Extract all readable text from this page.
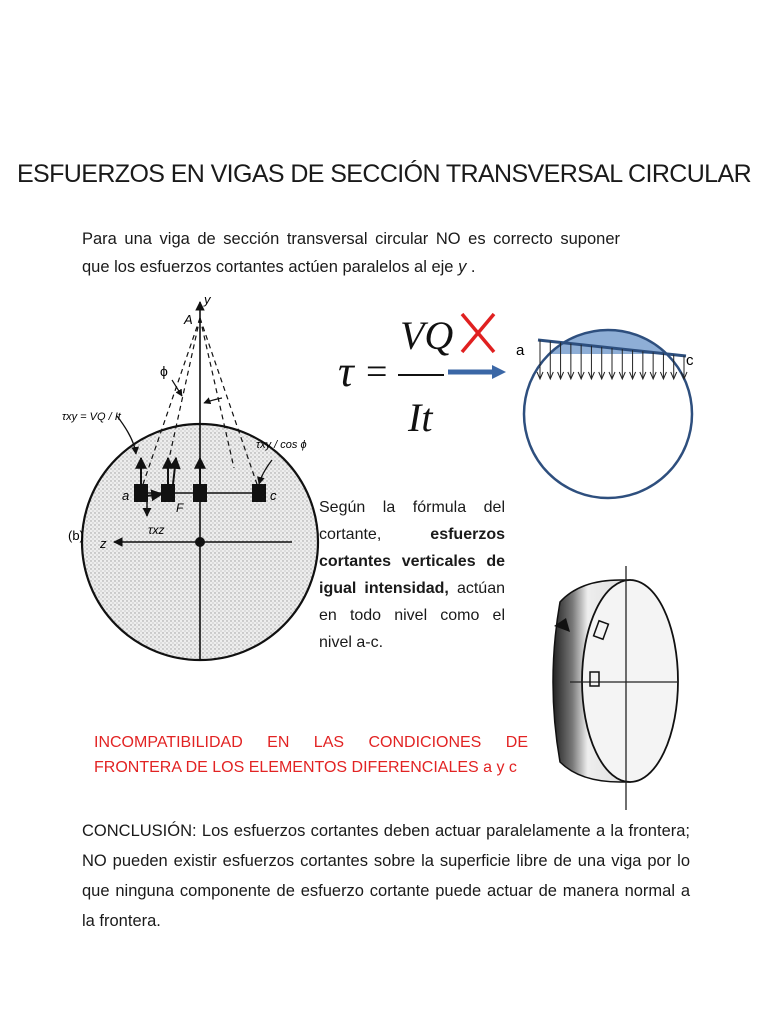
ESFUERZOS EN VIGAS DE SECCIÓN TRANSVERSAL CIRCULAR
Para una viga de sección transversal circular NO es correcto suponer que los esfuerzos cortantes actúen paralelos al eje y .
y
A
ϕ
τxy = VQ / It
τxy / cos ϕ
a	c
F
τxz
z
(b)
τ =
VQ
It
a
c
Según la fórmula del cortante, esfuerzos cortantes verticales de igual intensidad, actúan en todo nivel como el nivel a-c.
INCOMPATIBILIDAD EN LAS CONDICIONES DE FRONTERA DE LOS ELEMENTOS DIFERENCIALES a y c
CONCLUSIÓN: Los esfuerzos cortantes deben actuar paralelamente a la frontera; NO pueden existir esfuerzos cortantes sobre la superficie libre de una viga por lo que ninguna componente de esfuerzo cortante puede actuar de manera normal a la frontera.
